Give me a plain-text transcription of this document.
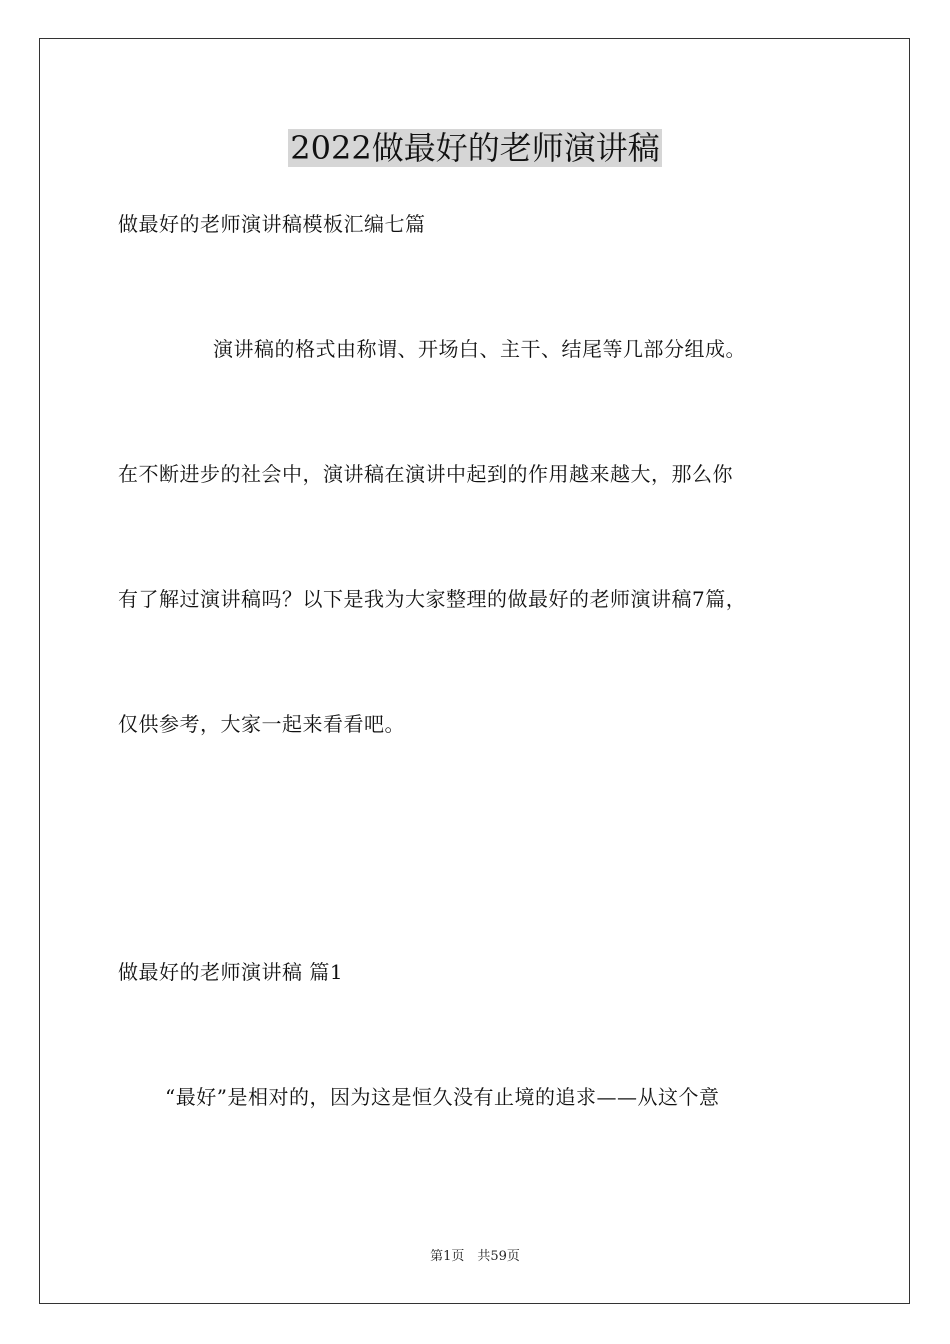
2022做最好的老师演讲稿
做最好的老师演讲稿模板汇编七篇
演讲稿的格式由称谓、开场白、主干、结尾等几部分组成。
在不断进步的社会中，演讲稿在演讲中起到的作用越来越大，那么你
有了解过演讲稿吗？以下是我为大家整理的做最好的老师演讲稿7篇，
仅供参考，大家一起来看看吧。
做最好的老师演讲稿 篇1
“最好”是相对的，因为这是恒久没有止境的追求——从这个意
第1页　共59页
